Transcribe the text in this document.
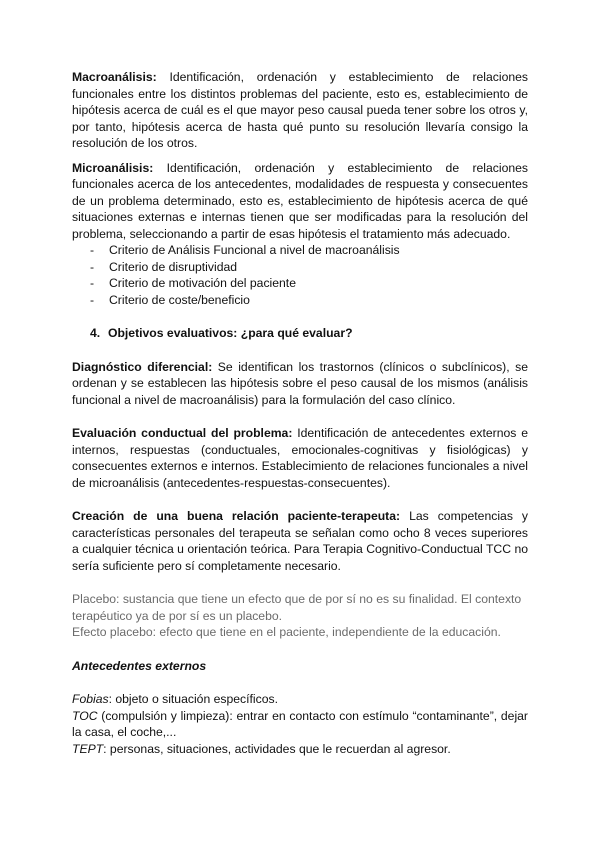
Macroanálisis: Identificación, ordenación y establecimiento de relaciones funcionales entre los distintos problemas del paciente, esto es, establecimiento de hipótesis acerca de cuál es el que mayor peso causal pueda tener sobre los otros y, por tanto, hipótesis acerca de hasta qué punto su resolución llevaría consigo la resolución de los otros.

Microanálisis: Identificación, ordenación y establecimiento de relaciones funcionales acerca de los antecedentes, modalidades de respuesta y consecuentes de un problema determinado, esto es, establecimiento de hipótesis acerca de qué situaciones externas e internas tienen que ser modificadas para la resolución del problema, seleccionando a partir de esas hipótesis el tratamiento más adecuado.

- Criterio de Análisis Funcional a nivel de macroanálisis
- Criterio de disruptividad
- Criterio de motivación del paciente
- Criterio de coste/beneficio
4. Objetivos evaluativos: ¿para qué evaluar?

Diagnóstico diferencial: Se identifican los trastornos (clínicos o subclínicos), se ordenan y se establecen las hipótesis sobre el peso causal de los mismos (análisis funcional a nivel de macroanálisis) para la formulación del caso clínico.

Evaluación conductual del problema: Identificación de antecedentes externos e internos, respuestas (conductuales, emocionales-cognitivas y fisiológicas) y consecuentes externos e internos. Establecimiento de relaciones funcionales a nivel de microanálisis (antecedentes-respuestas-consecuentes).

Creación de una buena relación paciente-terapeuta: Las competencias y características personales del terapeuta se señalan como ocho 8 veces superiores a cualquier técnica u orientación teórica. Para Terapia Cognitivo-Conductual TCC no sería suficiente pero sí completamente necesario.

Placebo: sustancia que tiene un efecto que de por sí no es su finalidad. El contexto terapéutico ya de por sí es un placebo.

Efecto placebo: efecto que tiene en el paciente, independiente de la educación.

Antecedentes externos

Fobias: objeto o situación específicos.

TOC (compulsión y limpieza): entrar en contacto con estímulo “contaminante”, dejar la casa, el coche,...

TEPT: personas, situaciones, actividades que le recuerdan al agresor.
